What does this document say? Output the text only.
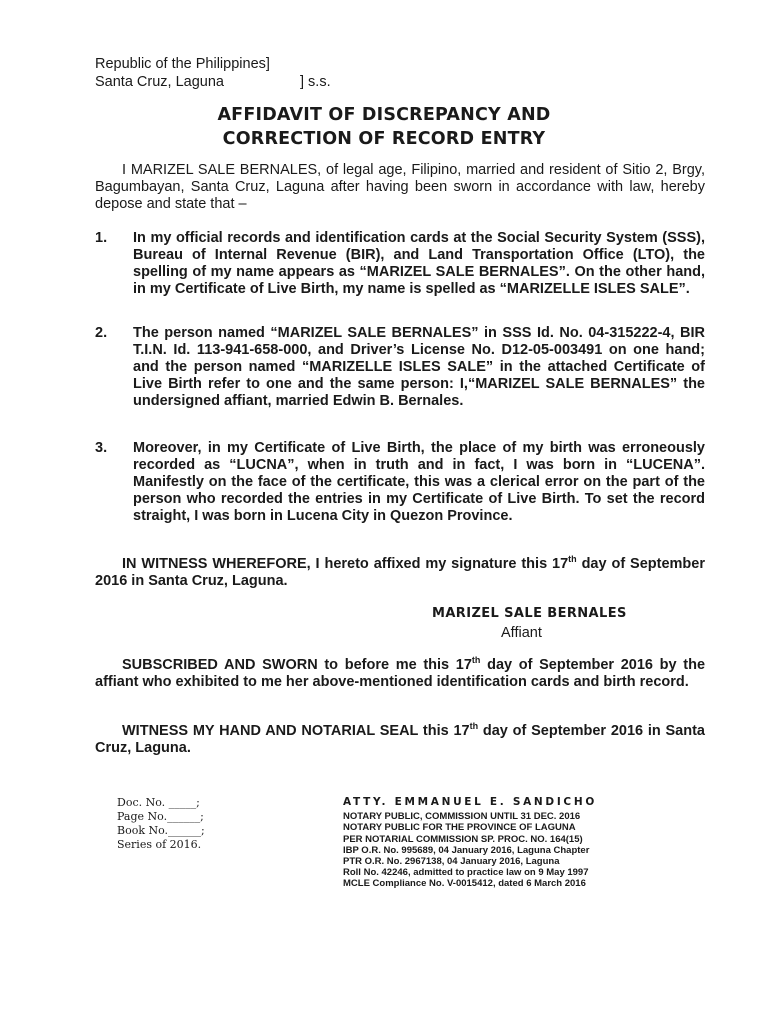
Republic of the Philippines]
Santa Cruz, Laguna	] s.s.
AFFIDAVIT OF DISCREPANCY AND
CORRECTION OF RECORD ENTRY
I MARIZEL SALE BERNALES, of legal age, Filipino, married and resident of Sitio 2, Brgy, Bagumbayan, Santa Cruz, Laguna after having been sworn in accordance with law, hereby depose and state that –
1.	In my official records and identification cards at the Social Security System (SSS), Bureau of Internal Revenue (BIR), and Land Transportation Office (LTO), the spelling of my name appears as “MARIZEL SALE BERNALES”. On the other hand, in my Certificate of Live Birth, my name is spelled as “MARIZELLE ISLES SALE”.
2.	The person named “MARIZEL SALE BERNALES” in SSS Id. No. 04-315222-4, BIR T.I.N. Id. 113-941-658-000, and Driver’s License No. D12-05-003491 on one hand; and the person named “MARIZELLE ISLES SALE” in the attached Certificate of Live Birth refer to one and the same person: I,“MARIZEL SALE BERNALES” the undersigned affiant, married Edwin B. Bernales.
3.	Moreover, in my Certificate of Live Birth, the place of my birth was erroneously recorded as “LUCNA”, when in truth and in fact, I was born in “LUCENA”. Manifestly on the face of the certificate, this was a clerical error on the part of the person who recorded the entries in my Certificate of Live Birth. To set the record straight, I was born in Lucena City in Quezon Province.
IN WITNESS WHEREFORE, I hereto affixed my signature this 17th day of September 2016 in Santa Cruz, Laguna.
MARIZEL SALE BERNALES
Affiant
SUBSCRIBED AND SWORN to before me this 17th day of September 2016 by the affiant who exhibited to me her above-mentioned identification cards and birth record.
WITNESS MY HAND AND NOTARIAL SEAL this 17th day of September 2016 in Santa Cruz, Laguna.
Doc. No. _____;
Page No.______;
Book No.______;
Series of 2016.
ATTY. EMMANUEL E. SANDICHO
NOTARY PUBLIC, COMMISSION UNTIL 31 DEC. 2016
NOTARY PUBLIC FOR THE PROVINCE OF LAGUNA
PER NOTARIAL COMMISSION SP. PROC. NO. 164(15)
IBP O.R. No. 995689, 04 January 2016, Laguna Chapter
PTR O.R. No. 2967138, 04 January 2016, Laguna
Roll No. 42246, admitted to practice law on 9 May 1997
MCLE Compliance No. V-0015412, dated 6 March 2016
